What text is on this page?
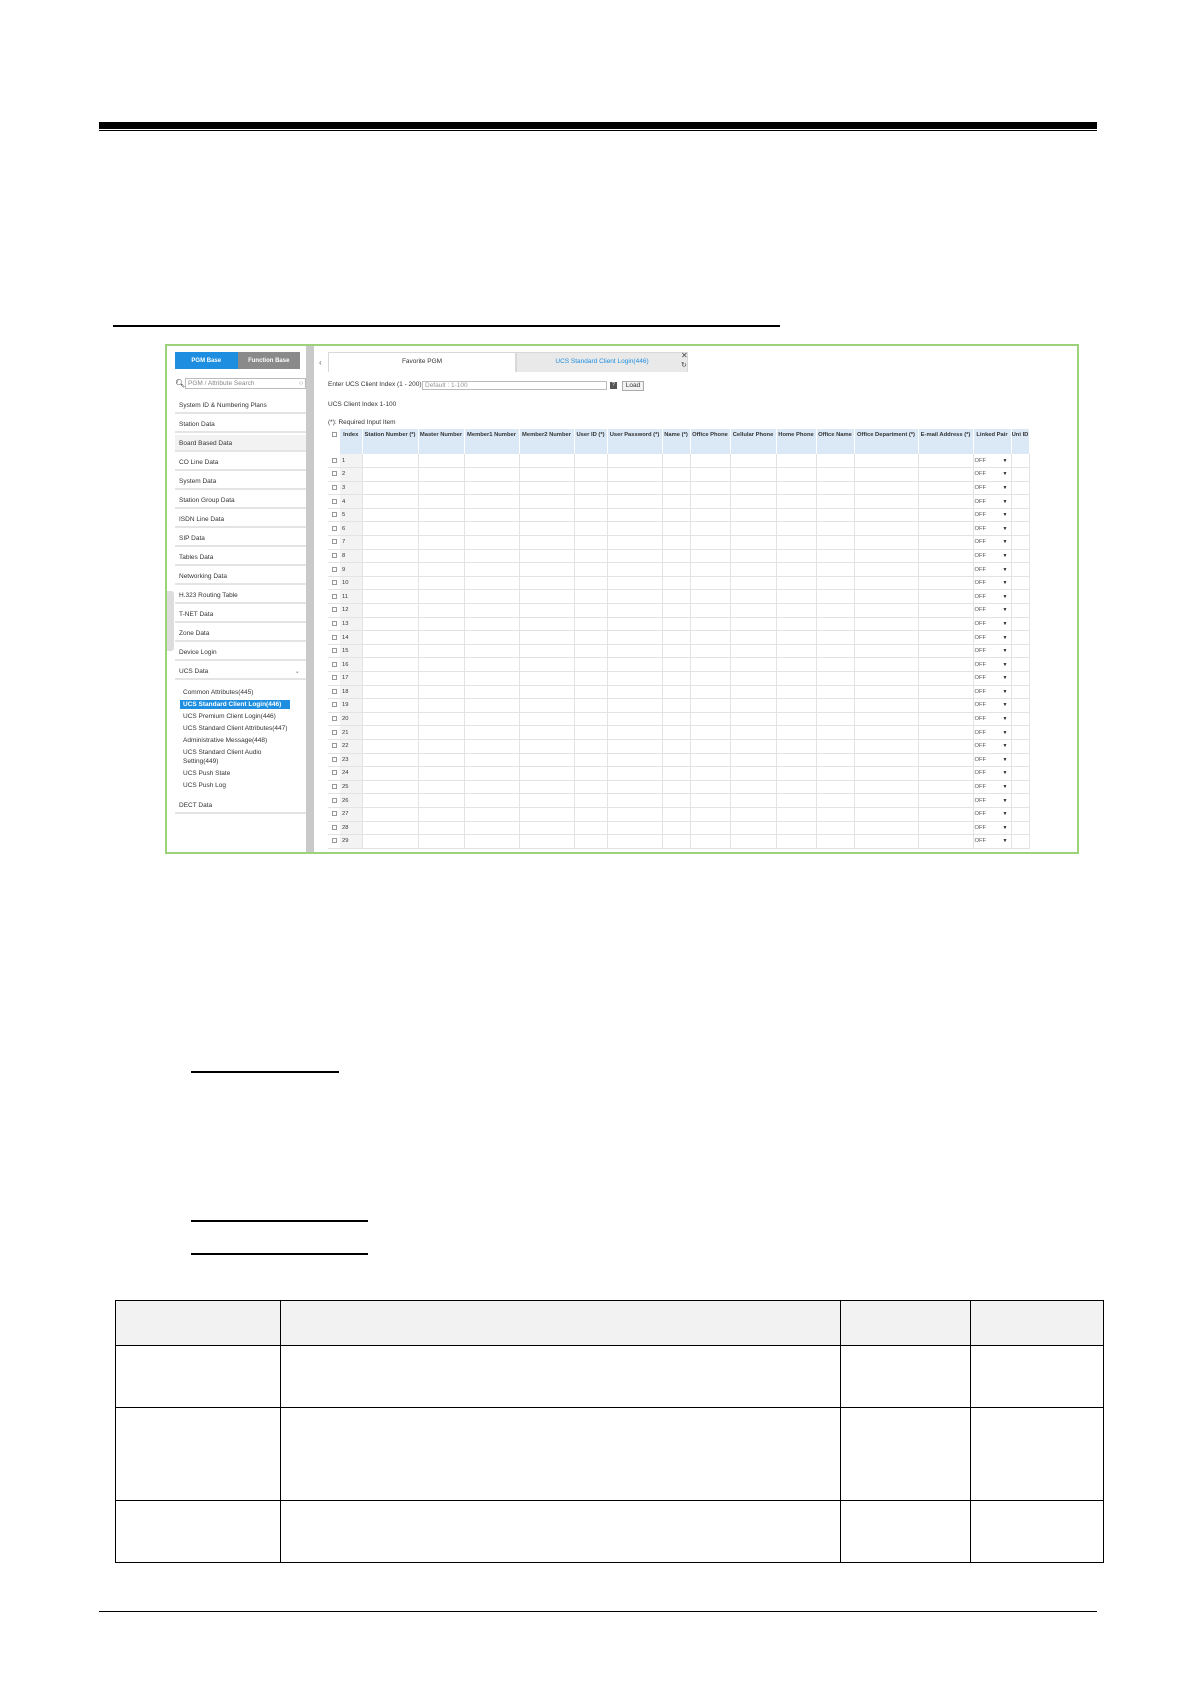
PGM Base	Function Base
🔍︎ PGM / Attribute Search	○
System ID & Numbering Plans
Station Data
Board Based Data
CO Line Data
System Data
Station Group Data
ISDN Line Data
SIP Data
Tables Data
Networking Data
H.323 Routing Table
T-NET Data
Zone Data
Device Login
UCS Data	⌄
Common Attributes(445)
UCS Standard Client Login(446)
UCS Premium Client Login(446)
UCS Standard Client Attributes(447)
Administrative Message(448)
UCS Standard Client Audio Setting(449)
UCS Push State
UCS Push Log
DECT Data
‹	Favorite PGM	UCS Standard Client Login(446)
✕
↻
Enter UCS Client Index (1 - 200) Default : 1-100	?	Load
UCS Client Index 1-100
(*): Required Input Item
	Index	Station Number (*)	Master Number	Member1 Number	Member2 Number	User ID (*)	User Password (*)	Name (*)	Office Phone	Cellular Phone	Home Phone	Office Name	Office Department (*)	E-mail Address (*)	Linked Pair	Uni ID
	1														OFF ▼	

	2														OFF ▼	

	3														OFF ▼	

	4														OFF ▼	

	5														OFF ▼	

	6														OFF ▼	

	7														OFF ▼	

	8														OFF ▼	

	9														OFF ▼	

	10														OFF ▼	

	11														OFF ▼	

	12														OFF ▼	

	13														OFF ▼	

	14														OFF ▼	

	15														OFF ▼	

	16														OFF ▼	

	17														OFF ▼	

	18														OFF ▼	

	19														OFF ▼	

	20														OFF ▼	

	21														OFF ▼	

	22														OFF ▼	

	23														OFF ▼	

	24														OFF ▼	

	25														OFF ▼	

	26														OFF ▼	

	27														OFF ▼	

	28														OFF ▼	

	29														OFF ▼	
